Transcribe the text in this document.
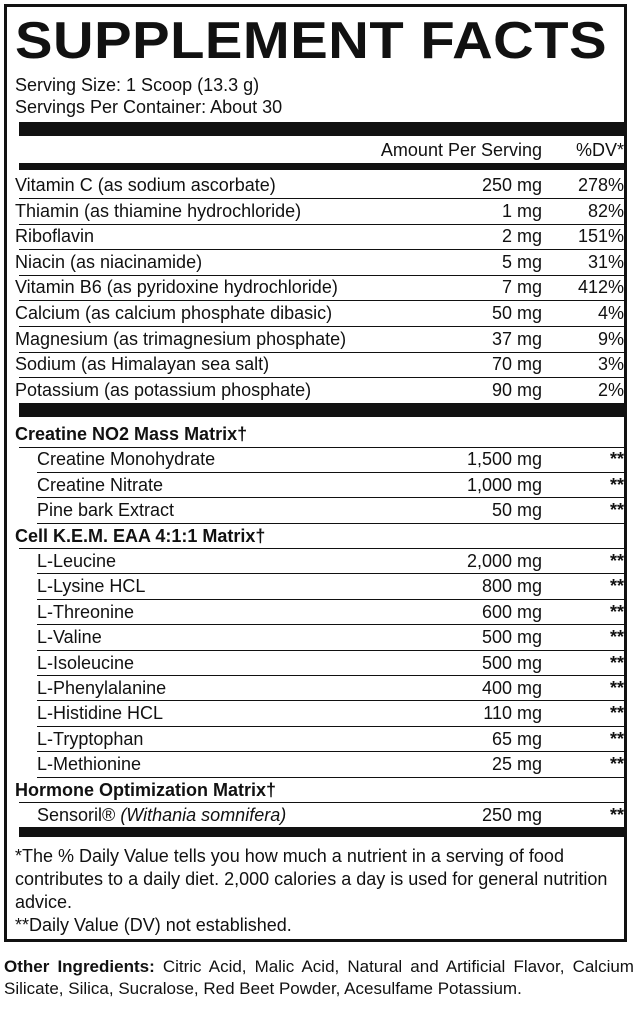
SUPPLEMENT FACTS
Serving Size: 1 Scoop (13.3 g)
Servings Per Container: About 30
Amount Per Serving %DV*
Vitamin C (as sodium ascorbate)	250 mg 278%
Thiamin (as thiamine hydrochloride)	1 mg	82%
Riboflavin	2 mg 151%
Niacin (as niacinamide)	5 mg	31%
Vitamin B6 (as pyridoxine hydrochloride)	7 mg 412%
Calcium (as calcium phosphate dibasic)	50 mg	4%
Magnesium (as trimagnesium phosphate)	37 mg	9%
Sodium (as Himalayan sea salt)	70 mg	3%
Potassium (as potassium phosphate)	90 mg	2%
Creatine NO2 Mass Matrix†
Creatine Monohydrate	1,500 mg	**
Creatine Nitrate	1,000 mg	**
Pine bark Extract	50 mg	**
Cell K.E.M. EAA 4:1:1 Matrix†
L-Leucine	2,000 mg	**
L-Lysine HCL	800 mg	**
L-Threonine	600 mg	**
L-Valine	500 mg	**
L-Isoleucine	500 mg	**
L-Phenylalanine	400 mg	**
L-Histidine HCL	110 mg	**
L-Tryptophan	65 mg	**
L-Methionine	25 mg	**
Hormone Optimization Matrix†
Sensoril® (Withania somnifera)	250 mg	**
*The % Daily Value tells you how much a nutrient in a serving of food contributes to a daily diet. 2,000 calories a day is used for general nutrition advice.
**Daily Value (DV) not established.
Other Ingredients: Citric Acid, Malic Acid, Natural and Artificial Flavor, Calcium Silicate, Silica, Sucralose, Red Beet Powder, Acesulfame Potassium.
